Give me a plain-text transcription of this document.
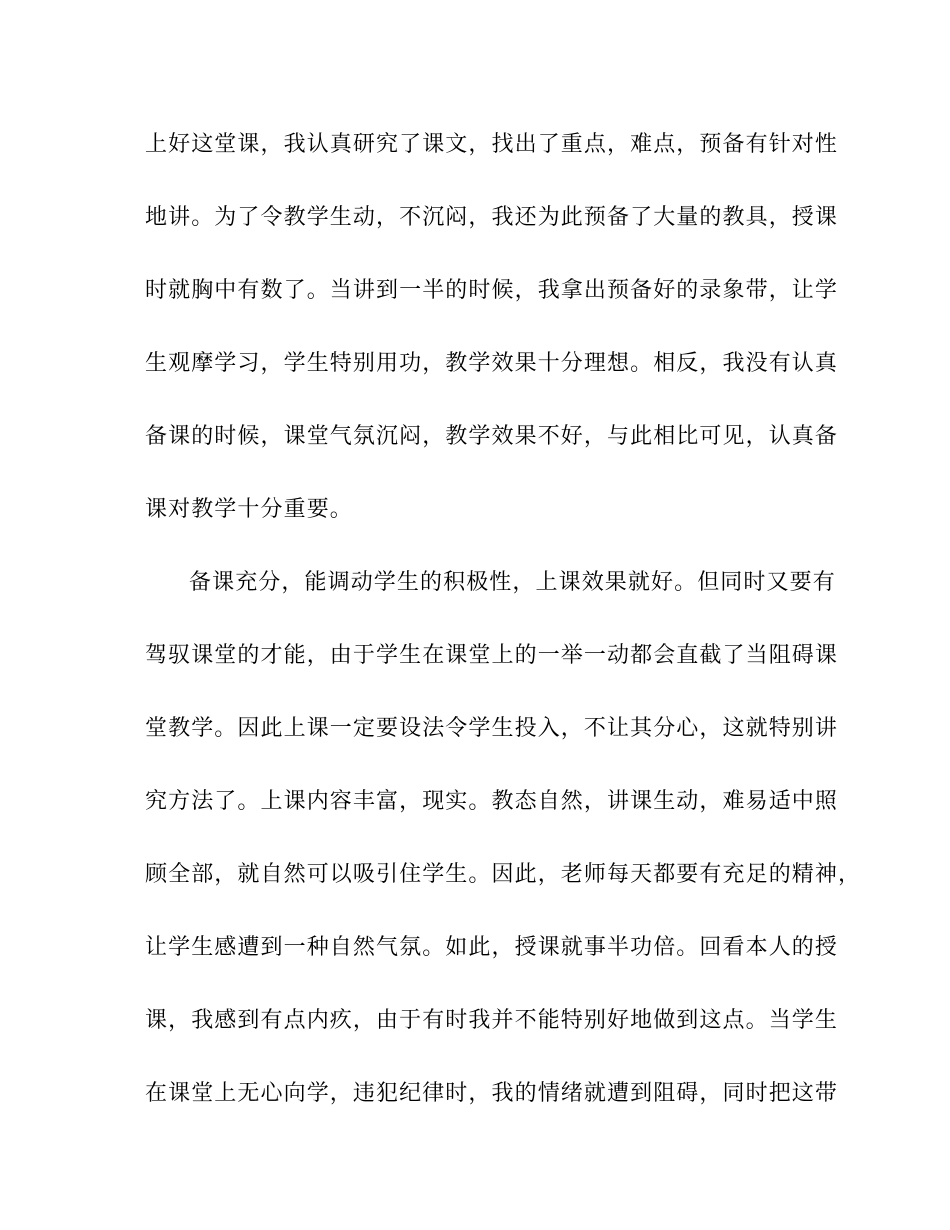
上好这堂课，我认真研究了课文，找出了重点，难点，预备有针对性
地讲。为了令教学生动，不沉闷，我还为此预备了大量的教具，授课
时就胸中有数了。当讲到一半的时候，我拿出预备好的录象带，让学
生观摩学习，学生特别用功，教学效果十分理想。相反，我没有认真
备课的时候，课堂气氛沉闷，教学效果不好，与此相比可见，认真备
课对教学十分重要。
备课充分，能调动学生的积极性，上课效果就好。但同时又要有
驾驭课堂的才能，由于学生在课堂上的一举一动都会直截了当阻碍课
堂教学。因此上课一定要设法令学生投入，不让其分心，这就特别讲
究方法了。上课内容丰富，现实。教态自然，讲课生动，难易适中照
顾全部，就自然可以吸引住学生。因此，老师每天都要有充足的精神，
让学生感遭到一种自然气氛。如此，授课就事半功倍。回看本人的授
课，我感到有点内疚，由于有时我并不能特别好地做到这点。当学生
在课堂上无心向学，违犯纪律时，我的情绪就遭到阻碍，同时把这带
